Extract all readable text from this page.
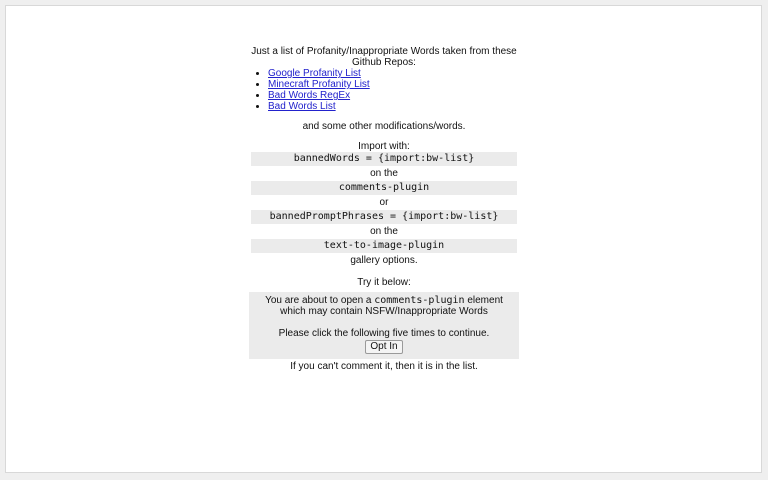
Just a list of Profanity/Inappropriate Words taken from these Github Repos:

• Google Profanity List
• Minecraft Profanity List
• Bad Words RegEx
• Bad Words List

and some other modifications/words.

Import with:

bannedWords = {import:bw-list}
on the
comments-plugin
or
bannedPromptPhrases = {import:bw-list}
on the
text-to-image-plugin
gallery options.

Try it below:

You are about to open a comments-plugin element which may contain NSFW/Inappropriate Words
Please click the following five times to continue.
Opt In

If you can't comment it, then it is in the list.
